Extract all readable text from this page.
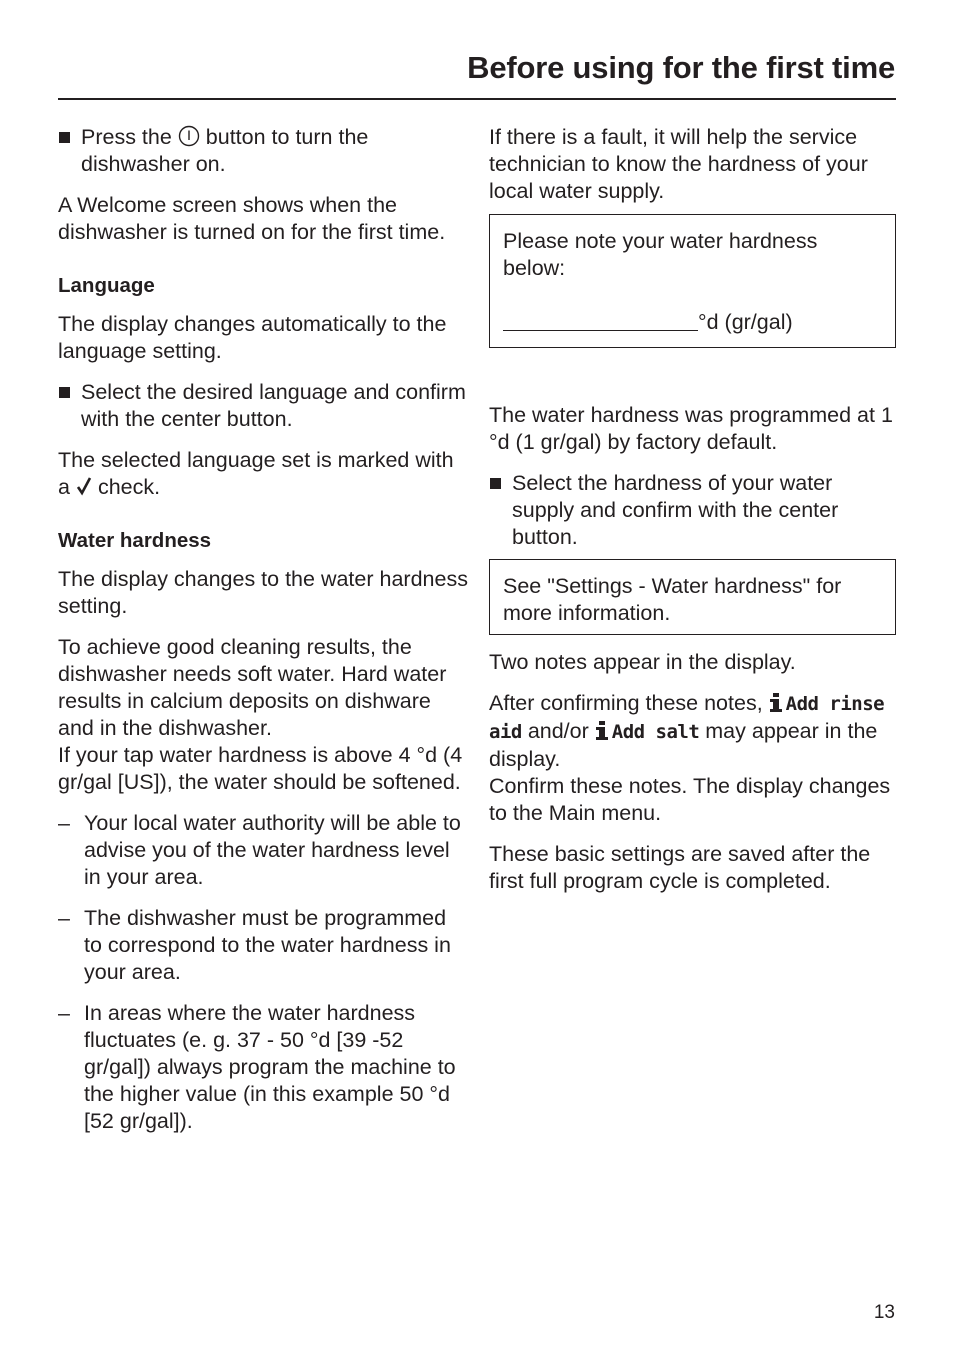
Before using for the first time
Press the button to turn the dishwasher on.

A Welcome screen shows when the dishwasher is turned on for the first time.

Language

The display changes automatically to the language setting.

Select the desired language and confirm with the center button.

The selected language set is marked with a check.

Water hardness

The display changes to the water hardness setting.

To achieve good cleaning results, the dishwasher needs soft water. Hard water results in calcium deposits on dishware and in the dishwasher.

If your tap water hardness is above 4 °d (4 gr/gal [US]), the water should be softened.

– Your local water authority will be able to advise you of the water hardness level in your area.
– The dishwasher must be programmed to correspond to the water hardness in your area.
– In areas where the water hardness fluctuates (e. g. 37 - 50 °d [39 -52 gr/gal]) always program the machine to the higher value (in this example 50 °d [52 gr/gal]).

If there is a fault, it will help the service technician to know the hardness of your local water supply.

Please note your water hardness below:

°d (gr/gal)

The water hardness was programmed at 1 °d (1 gr/gal) by factory default.

Select the hardness of your water supply and confirm with the center button.

See "Settings - Water hardness" for more information.

Two notes appear in the display.

After confirming these notes, Add rinse aid and/or Add salt may appear in the display.

Confirm these notes. The display changes to the Main menu.

These basic settings are saved after the first full program cycle is completed.

13
